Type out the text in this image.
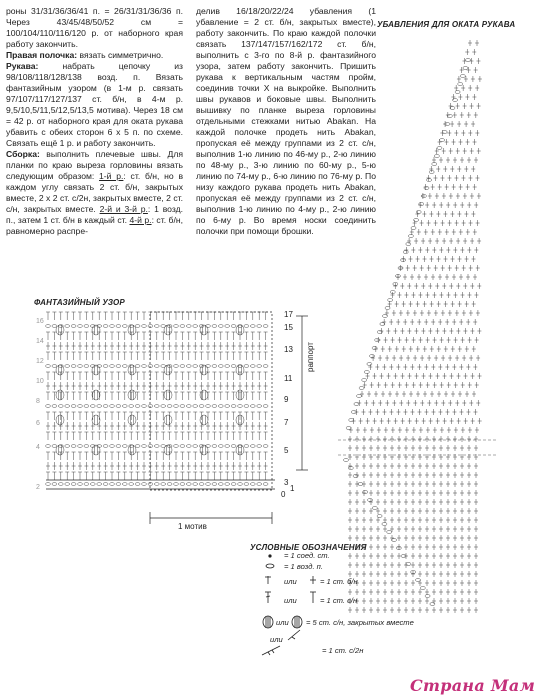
роны 31/31/36/36/41 п. = 26/31/31/36/36 п. Через 43/45/48/50/52 см = 100/104/110/116/120 р. от наборного края работу закончить.

Правая полочка: вязать симметрично.

Рукава: набрать цепочку из 98/108/118/128/138 возд. п. Вязать фантазийным узором (в 1-м р. связать 97/107/117/127/137 ст. б/н, в 4-м р. 9,5/10,5/11,5/12,5/13,5 мотива). Через 18 см = 42 р. от наборного края для оката рукава убавить с обеих сторон 6 х 5 п. по схеме. Связать ещё 1 р. и работу закончить.

Сборка: выполнить плечевые швы. Для планки по краю выреза горловины вязать следующим образом: 1-й р.: ст. б/н, но в каждом углу связать 2 ст. б/н, закрытых вместе, 2 х 2 ст. с/2н, закрытых вместе, 2 ст. с/н, закрытых вместе. 2-й и 3-й р.: 1 возд. п., затем 1 ст. б/н в каждый ст. 4-й р.: ст. б/н, равномерно распре-

делив 16/18/20/22/24 убавления (1 убавление = 2 ст. б/н, закрытых вместе), работу закончить. По краю каждой полочки связать 137/147/157/162/172 ст. б/н, выполнить с 3-го по 8-й р. фантазийного узора, затем работу закончить. Пришить рукава к вертикальным частям пройм, соединив точки Х на выкройке. Выполнить швы рукавов и боковые швы. Выполнить вышивку по планке выреза горловины отдельными стежками нитью Abakan. На каждой полочке продеть нить Abakan, пропуская её между группами из 2 ст. с/н, выполнив 1-ю линию по 46-му р., 2-ю линию по 48-му р., 3-ю линию по 60-му р., 5-ю линию по 74-му р., 6-ю линию по 76-му р. По низу каждого рукава продеть нить Abakan, пропуская её между группами из 2 ст. с/н, выполнив 1-ю линию по 4-му р., 2-ю линию по 6-му р. Во время носки соединить полочки при помощи брошки.

УБАВЛЕНИЯ ДЛЯ ОКАТА РУКАВА
ФАНТАЗИЙНЫЙ УЗОР
УСЛОВНЫЕ ОБОЗНАЧЕНИЯ
16
14
12
10
8
6
4
2
17
15
13
11
9
7
5
3
1
0
раппорт
1 мотив
= 1 соед. ст.
= 1 возд. п.
или	= 1 ст. б/н
или	= 1 ст. с/н
или = 5 ст. с/н, закрытых вместе
или
= 1 ст. с/2н
Страна Мам
